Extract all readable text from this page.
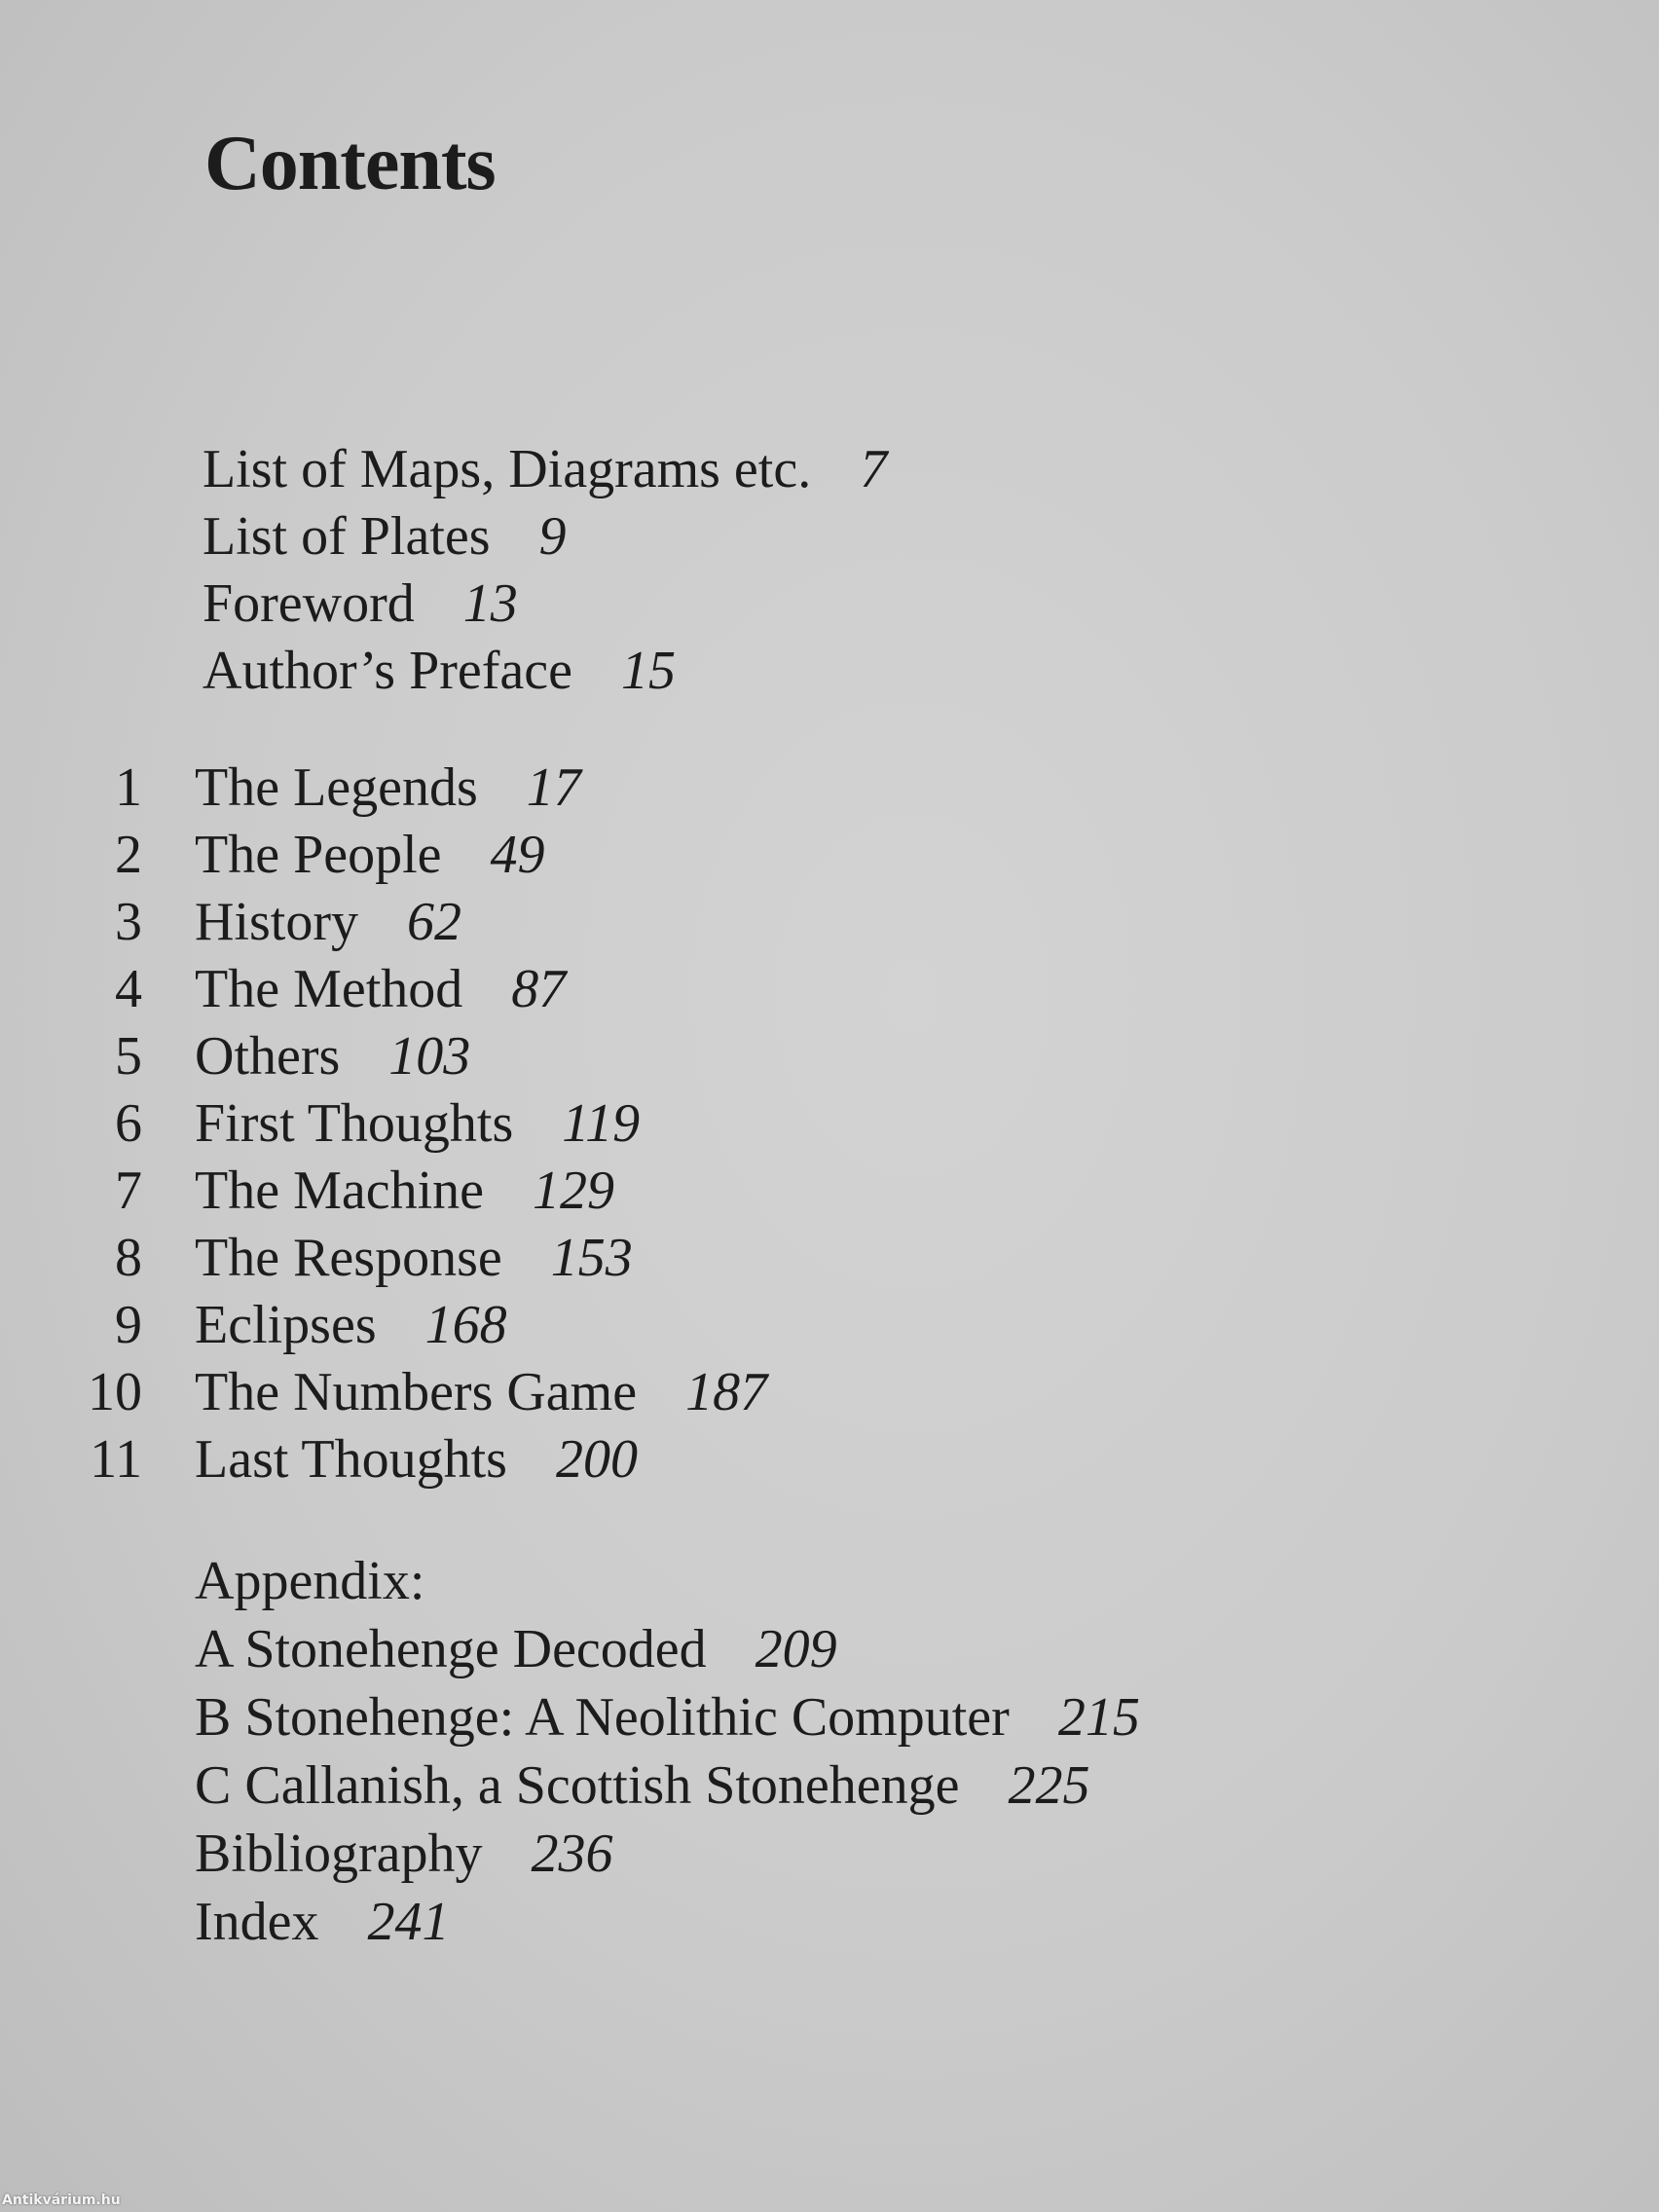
Contents
List of Maps, Diagrams etc. 7
List of Plates 9
Foreword 13
Author’s Preface 15
1 The Legends 17
2 The People 49
3 History 62
4 The Method 87
5 Others 103
6 First Thoughts 119
7 The Machine 129
8 The Response 153
9 Eclipses 168
10 The Numbers Game 187
11 Last Thoughts 200
Appendix:
A Stonehenge Decoded 209
B Stonehenge: A Neolithic Computer 215
C Callanish, a Scottish Stonehenge 225
Bibliography 236
Index 241
Antikvárium.hu
